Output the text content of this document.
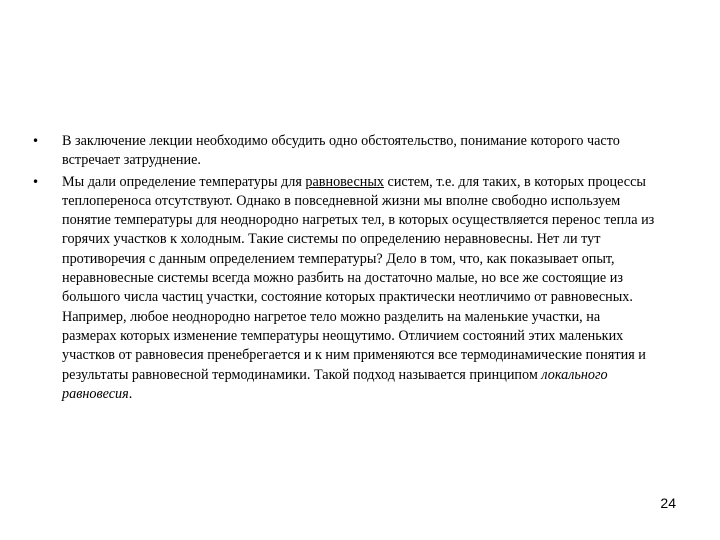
• В заключение лекции необходимо обсудить одно обстоятельство, понимание которого часто встречает затруднение.
• Мы дали определение температуры для равновесных систем, т.е. для таких, в которых процессы теплопереноса отсутствуют. Однако в повседневной жизни мы вполне свободно используем понятие температуры для неоднородно нагретых тел, в которых осуществляется перенос тепла из горячих участков к холодным. Такие системы по определению неравновесны. Нет ли тут противоречия с данным определением температуры? Дело в том, что, как показывает опыт, неравновесные системы всегда можно разбить на достаточно малые, но все же состоящие из большого числа частиц участки, состояние которых практически неотличимо от равновесных. Например, любое неоднородно нагретое тело можно разделить на маленькие участки, на размерах которых изменение температуры неощутимо. Отличием состояний этих маленьких участков от равновесия пренебрегается и к ним применяются все термодинамические понятия и результаты равновесной термодинамики. Такой подход называется принципом локального равновесия.
24
